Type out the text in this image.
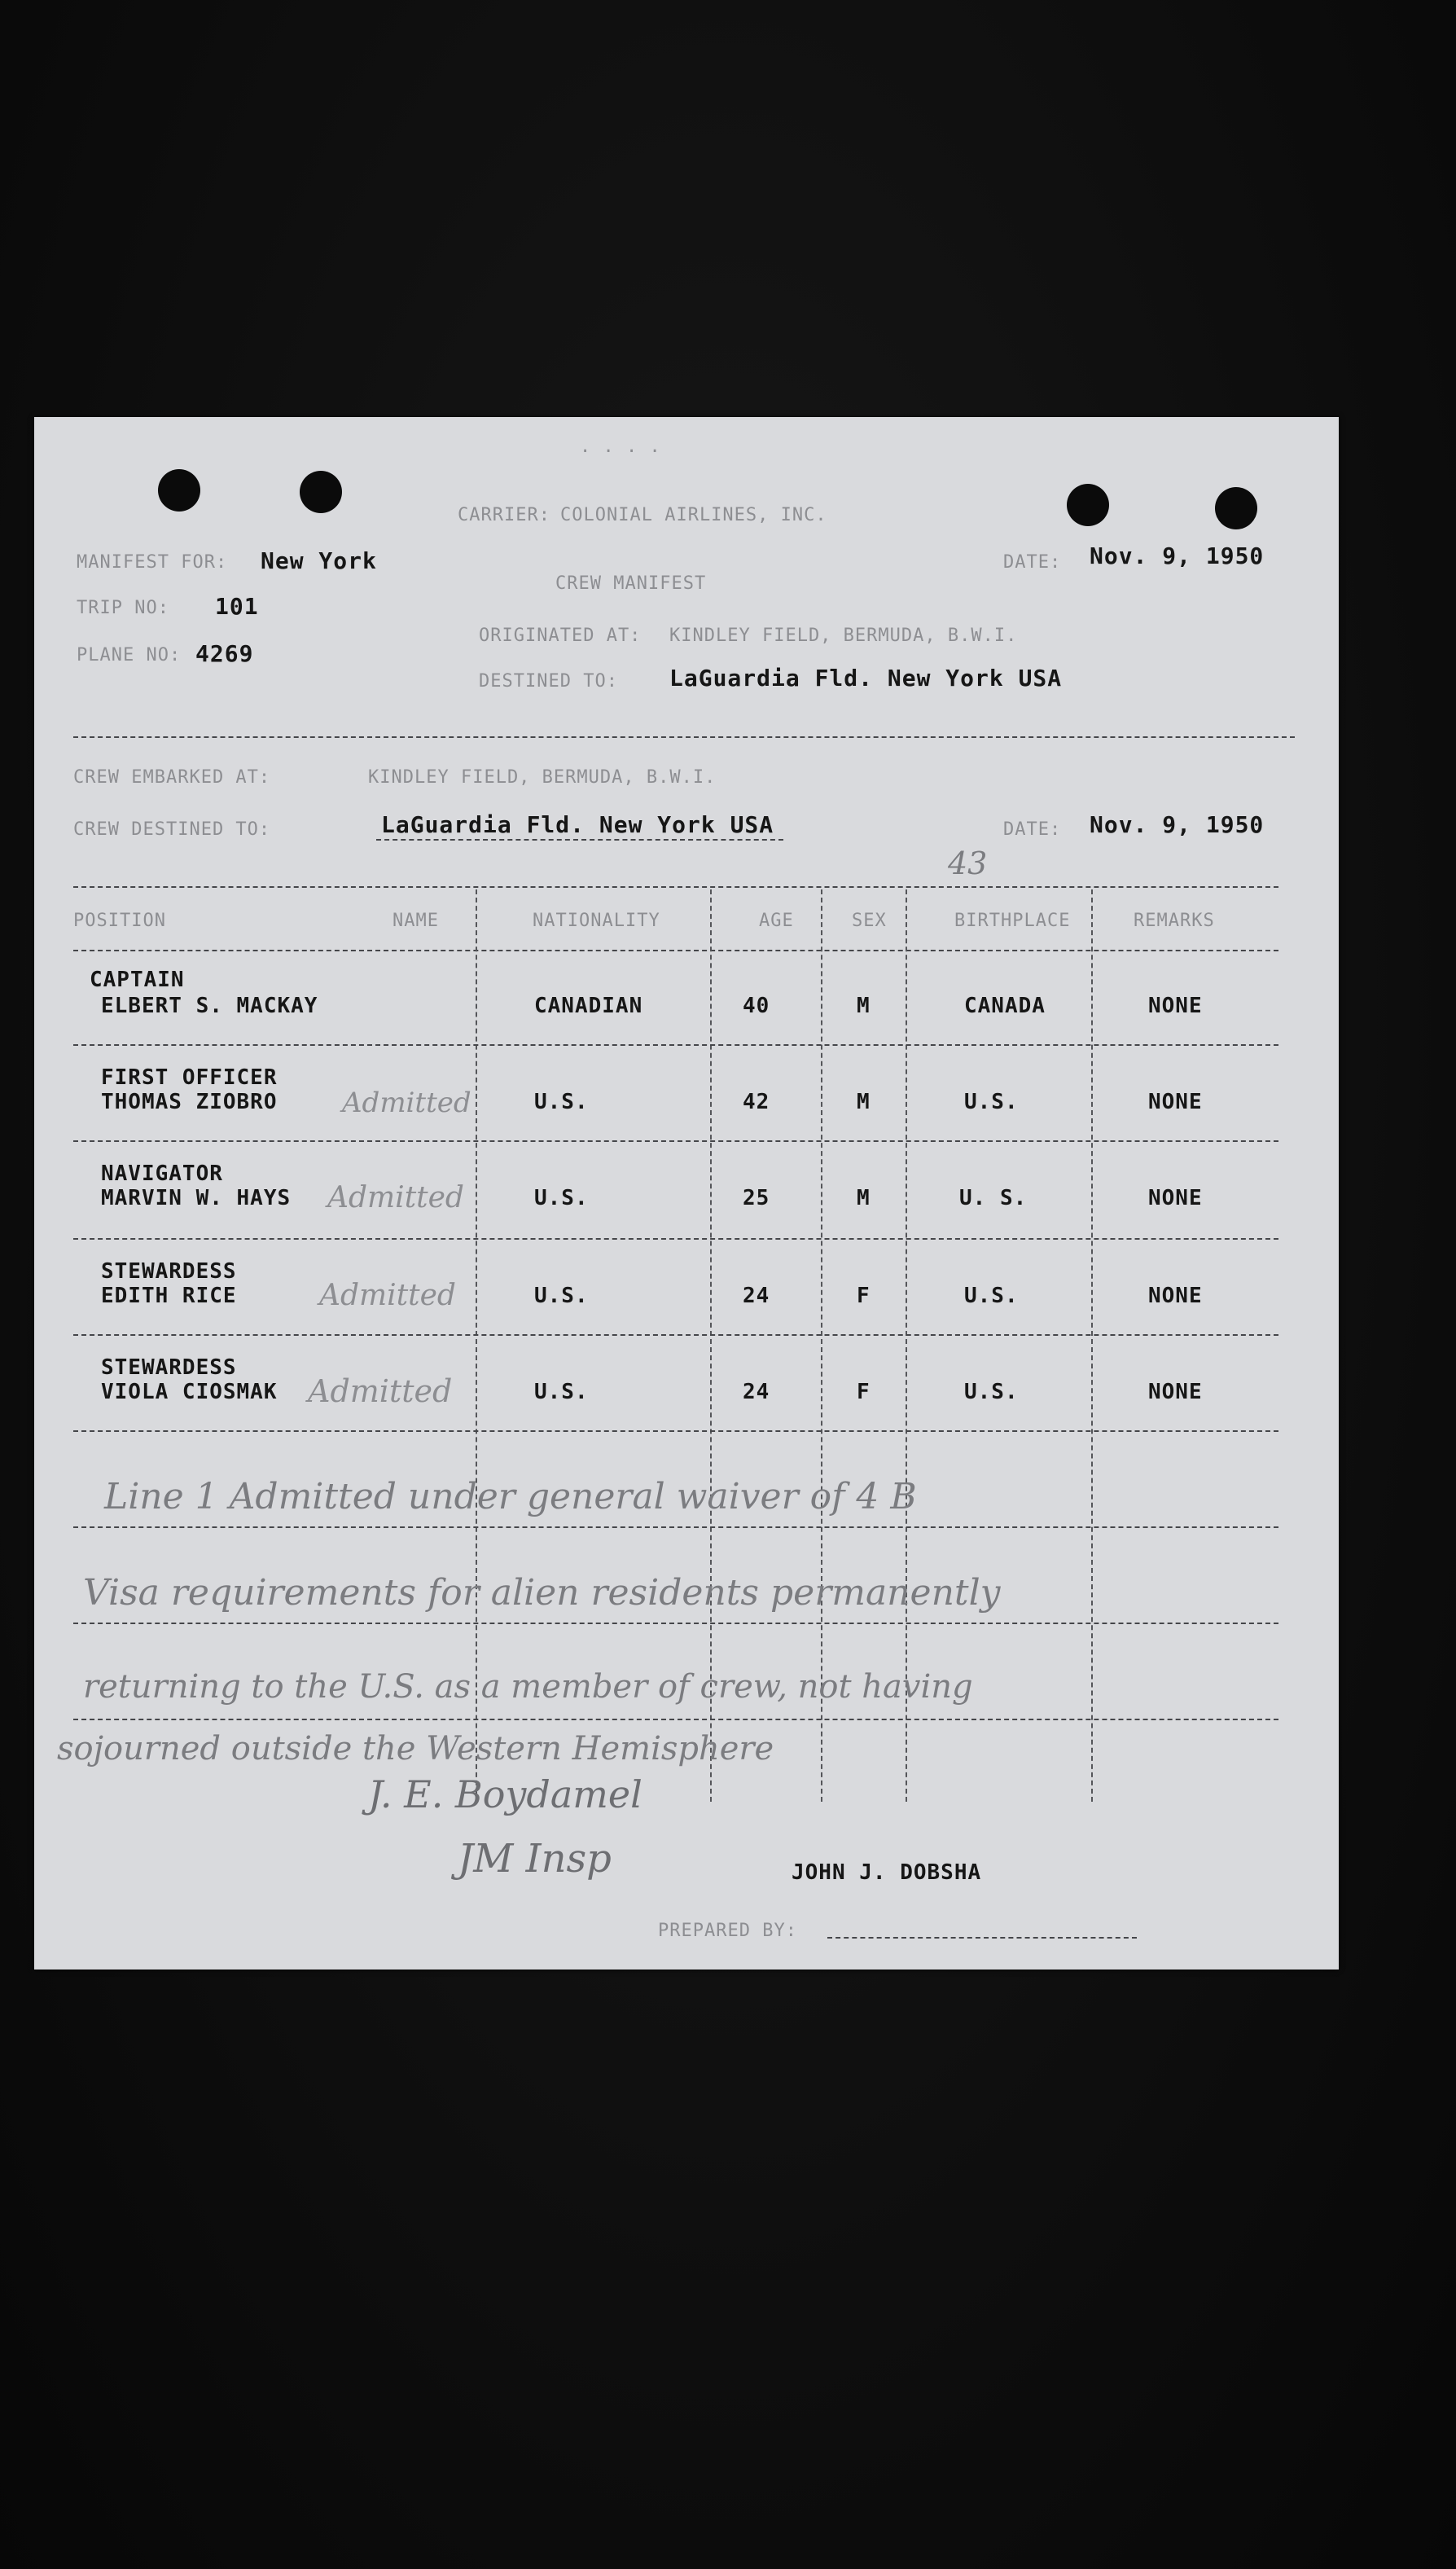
. . . .
CARRIER: COLONIAL AIRLINES, INC.
MANIFEST FOR: New York
CREW MANIFEST
DATE: Nov. 9, 1950
TRIP NO: 101
ORIGINATED AT: KINDLEY FIELD, BERMUDA, B.W.I.
PLANE NO: 4269
DESTINED TO: LaGuardia Fld. New York USA
CREW EMBARKED AT:	KINDLEY FIELD, BERMUDA, B.W.I.
CREW DESTINED TO:	LaGuardia Fld. New York USA	DATE: Nov. 9, 1950
43
POSITION	NAME	NATIONALITY	AGE	SEX	BIRTHPLACE	REMARKS
CAPTAIN
ELBERT S. MACKAY	CANADIAN	40	M	CANADA	NONE
FIRST OFFICER
THOMAS ZIOBRO Admitted	U.S.	42	M	U.S.	NONE
NAVIGATOR
MARVIN W. HAYS Admitted	U.S.	25	M	U. S.	NONE
STEWARDESS
EDITH RICE	Admitted	U.S.	24	F	U.S.	NONE
STEWARDESS
VIOLA CIOSMAK Admitted	U.S.	24	F	U.S.	NONE
Line 1 Admitted under general waiver of 4 B
Visa requirements for alien residents permanently
returning to the U.S. as a member of crew, not having
sojourned outside the Western Hemisphere
J. E. Boydamel
JM Insp	JOHN J. DOBSHA
PREPARED BY:
